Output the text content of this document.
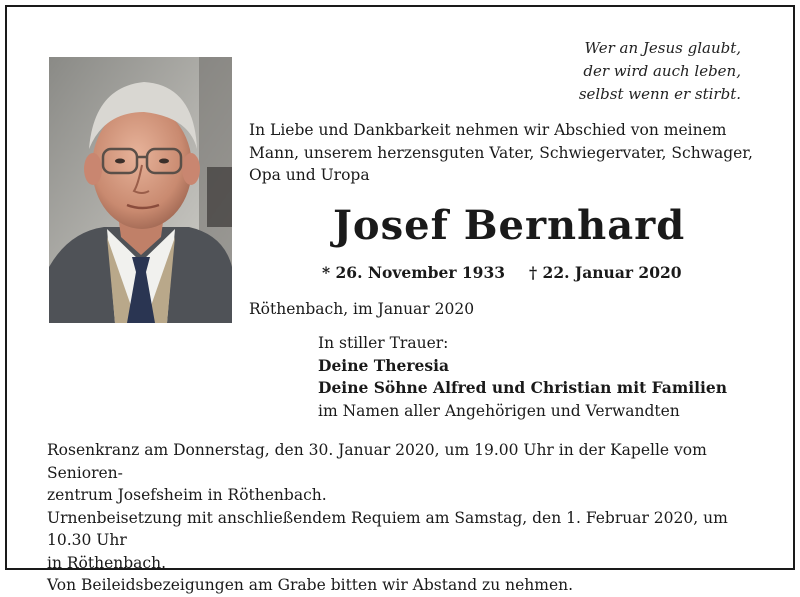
Wer an Jesus glaubt,
der wird auch leben,
selbst wenn er stirbt.
In Liebe und Dankbarkeit nehmen wir Abschied von meinem
Mann, unserem herzensguten Vater, Schwiegervater, Schwager,
Opa und Uropa
Josef Bernhard
* 26. November 1933 † 22. Januar 2020
Röthenbach, im Januar 2020
In stiller Trauer:
Deine Theresia
Deine Söhne Alfred und Christian mit Familien
im Namen aller Angehörigen und Verwandten
Rosenkranz am Donnerstag, den 30. Januar 2020, um 19.00 Uhr in der Kapelle vom Senioren-
zentrum Josefsheim in Röthenbach.
Urnenbeisetzung mit anschließendem Requiem am Samstag, den 1. Februar 2020, um 10.30 Uhr
in Röthenbach.
Von Beileidsbezeigungen am Grabe bitten wir Abstand zu nehmen.
